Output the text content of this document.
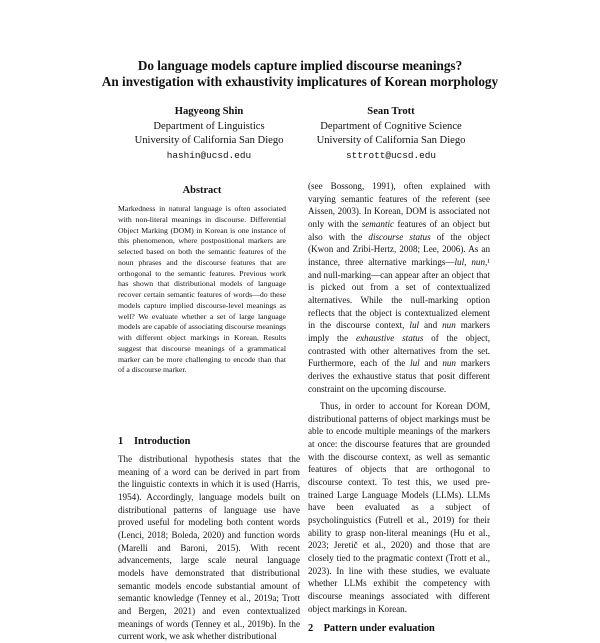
Do language models capture implied discourse meanings?
An investigation with exhaustivity implicatures of Korean morphology
Hagyeong Shin
Department of Linguistics
University of California San Diego
hashin@ucsd.edu
Sean Trott
Department of Cognitive Science
University of California San Diego
sttrott@ucsd.edu
Abstract

Markedness in natural language is often associated with non-literal meanings in discourse. Differential Object Marking (DOM) in Korean is one instance of this phenomenon, where postpositional markers are selected based on both the semantic features of the noun phrases and the discourse features that are orthogonal to the semantic features. Previous work has shown that distributional models of language recover certain semantic features of words—do these models capture implied discourse-level meanings as well? We evaluate whether a set of large language models are capable of associating discourse meanings with different object markings in Korean. Results suggest that discourse meanings of a grammatical marker can be more challenging to encode than that of a discourse marker.

1 Introduction

The distributional hypothesis states that the meaning of a word can be derived in part from the linguistic contexts in which it is used (Harris, 1954). Accordingly, language models built on distributional patterns of language use have proved useful for modeling both content words (Lenci, 2018; Boleda, 2020) and function words (Marelli and Baroni, 2015). With recent advancements, large scale neural language models have demonstrated that distributional semantic models encode substantial amount of semantic knowledge (Tenney et al., 2019a; Trott and Bergen, 2021) and even contextualized meanings of words (Tenney et al., 2019b). In the current work, we ask whether distributional

(see Bossong, 1991), often explained with varying semantic features of the referent (see Aissen, 2003). In Korean, DOM is associated not only with the semantic features of an object but also with the discourse status of the object (Kwon and Zribi-Hertz, 2008; Lee, 2006). As an instance, three alternative markings—lul, nun,¹ and null-marking—can appear after an object that is picked out from a set of contextualized alternatives. While the null-marking option reflects that the object is contextualized element in the discourse context, lul and nun markers imply the exhaustive status of the object, contrasted with other alternatives from the set. Furthermore, each of the lul and nun markers derives the exhaustive status that posit different constraint on the upcoming discourse.

Thus, in order to account for Korean DOM, distributional patterns of object markings must be able to encode multiple meanings of the markers at once: the discourse features that are grounded with the discourse context, as well as semantic features of objects that are orthogonal to discourse context. To test this, we used pre-trained Large Language Models (LLMs). LLMs have been evaluated as a subject of psycholinguistics (Futrell et al., 2019) for their ability to grasp non-literal meanings (Hu et al., 2023; Jeretič et al., 2020) and those that are closely tied to the pragmatic context (Trott et al., 2023). In line with these studies, we evaluate whether LLMs exhibit the competency with discourse meanings associated with different object markings in Korean.

2    Pattern under evaluation
